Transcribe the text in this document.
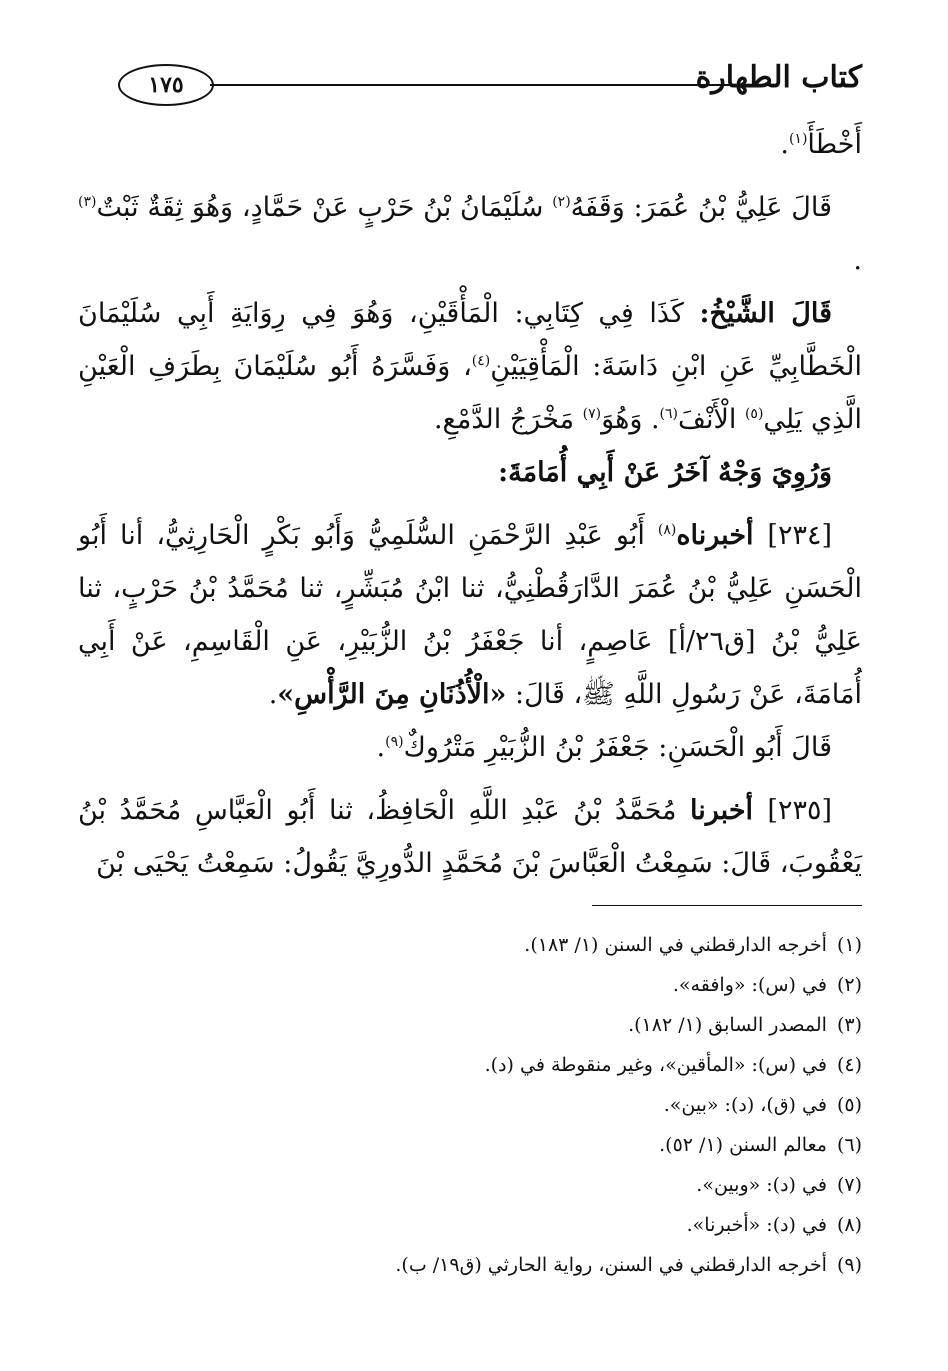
كتاب الطهارة
١٧٥

أَخْطَأَ$^{(١)}$.

قَالَ عَلِيُّ بْنُ عُمَرَ: وَقَفَهُ$^{(٢)}$ سُلَيْمَانُ بْنُ حَرْبٍ عَنْ حَمَّادٍ، وَهُوَ ثِقَةٌ ثَبْتٌ$^{(٣)}$ .

قَالَ الشَّيْخُ: كَذَا فِي كِتَابِي: الْمَأْقَيْنِ، وَهُوَ فِي رِوَايَةِ أَبِي سُلَيْمَانَ الْخَطَّابِيِّ عَنِ ابْنِ دَاسَةَ: الْمَأْقِيَيْنِ$^{(٤)}$، وَفَسَّرَهُ أَبُو سُلَيْمَانَ بِطَرَفِ الْعَيْنِ الَّذِي يَلِي$^{(٥)}$ الْأَنْفَ$^{(٦)}$. وَهُوَ$^{(٧)}$ مَخْرَجُ الدَّمْعِ.

وَرُوِيَ وَجْهٌ آخَرُ عَنْ أَبِي أُمَامَةَ:

[٢٣٤] أخبرناه$^{(٨)}$ أَبُو عَبْدِ الرَّحْمَنِ السُّلَمِيُّ وَأَبُو بَكْرٍ الْحَارِثِيُّ، أنا أَبُو الْحَسَنِ عَلِيُّ بْنُ عُمَرَ الدَّارَقُطْنِيُّ، ثنا ابْنُ مُبَشِّرٍ، ثنا مُحَمَّدُ بْنُ حَرْبٍ، ثنا عَلِيُّ بْنُ [ق٢٦/أ] عَاصِمٍ، أنا جَعْفَرُ بْنُ الزُّبَيْرِ، عَنِ الْقَاسِمِ، عَنْ أَبِي أُمَامَةَ، عَنْ رَسُولِ اللَّهِ ﷺ، قَالَ: «الْأُذُنَانِ مِنَ الرَّأْسِ».

قَالَ أَبُو الْحَسَنِ: جَعْفَرُ بْنُ الزُّبَيْرِ مَتْرُوكٌ$^{(٩)}$.

[٢٣٥] أخبرنا مُحَمَّدُ بْنُ عَبْدِ اللَّهِ الْحَافِظُ، ثنا أَبُو الْعَبَّاسِ مُحَمَّدُ بْنُ يَعْقُوبَ، قَالَ: سَمِعْتُ الْعَبَّاسَ بْنَ مُحَمَّدٍ الدُّورِيَّ يَقُولُ: سَمِعْتُ يَحْيَى بْنَ

(١)أخرجه الدارقطني في السنن (١/ ١٨٣).
(٢)في (س): «وافقه».
(٣)المصدر السابق (١/ ١٨٢).
(٤)في (س): «المأقين»، وغير منقوطة في (د).
(٥)في (ق)، (د): «بين».
(٦)معالم السنن (١/ ٥٢).
(٧)في (د): «وبين».
(٨)في (د): «أخبرنا».
(٩)أخرجه الدارقطني في السنن، رواية الحارثي (ق١٩/ ب).
